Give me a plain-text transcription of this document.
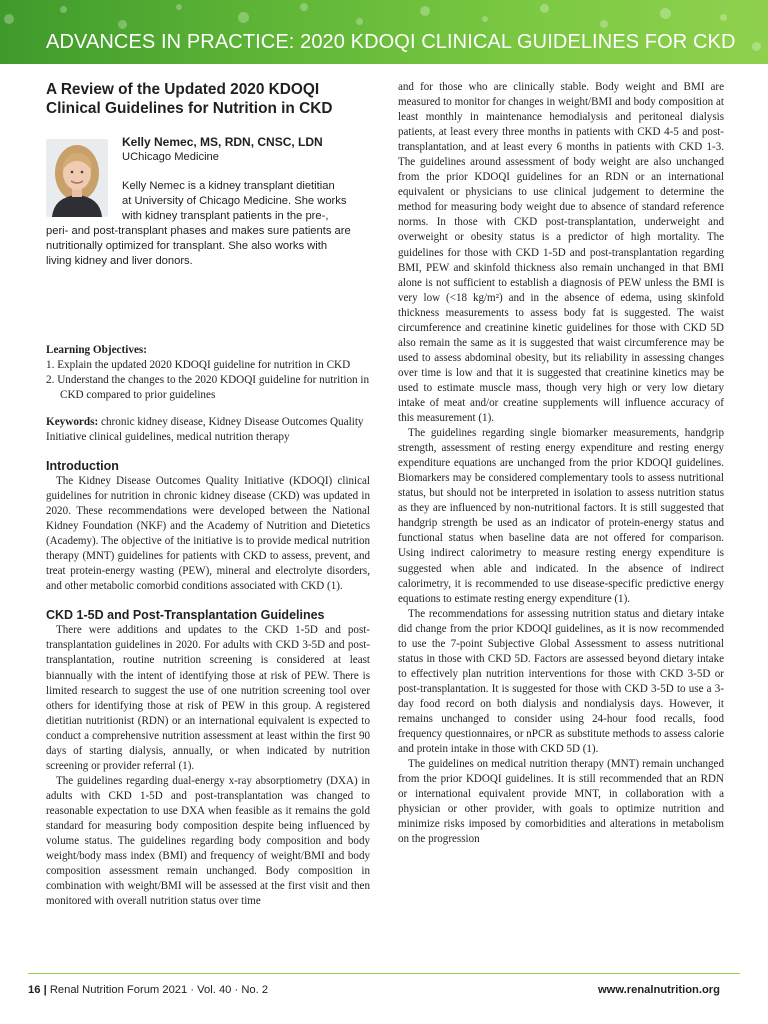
ADVANCES IN PRACTICE: 2020 KDOQI CLINICAL GUIDELINES FOR CKD
A Review of the Updated 2020 KDOQI
Clinical Guidelines for Nutrition in CKD
Kelly Nemec, MS, RDN, CNSC, LDN
UChicago Medicine
Kelly Nemec is a kidney transplant dietitian
at University of Chicago Medicine. She works
with kidney transplant patients in the pre-,
peri- and post-transplant phases and makes sure patients are
nutritionally optimized for transplant. She also works with
living kidney and liver donors.
Learning Objectives:
1. Explain the updated 2020 KDOQI guideline for nutrition in CKD
2. Understand the changes to the 2020 KDOQI guideline for nutrition in CKD compared to prior guidelines
Keywords: chronic kidney disease, Kidney Disease Outcomes Quality Initiative clinical guidelines, medical nutrition therapy
Introduction

The Kidney Disease Outcomes Quality Initiative (KDOQI) clinical guidelines for nutrition in chronic kidney disease (CKD) was updated in 2020. These recommendations were developed between the National Kidney Foundation (NKF) and the Academy of Nutrition and Dietetics (Academy). The objective of the initiative is to provide medical nutrition therapy (MNT) guidelines for patients with CKD to assess, prevent, and treat protein-energy wasting (PEW), mineral and electrolyte disorders, and other metabolic comorbid conditions associated with CKD (1).

CKD 1-5D and Post-Transplantation Guidelines

There were additions and updates to the CKD 1-5D and post-transplantation guidelines in 2020. For adults with CKD 3-5D and post-transplantation, routine nutrition screening is considered at least biannually with the intent of identifying those at risk of PEW. There is limited research to suggest the use of one nutrition screening tool over others for identifying those at risk of PEW in this group. A registered dietitian nutritionist (RDN) or an international equivalent is expected to conduct a comprehensive nutrition assessment at least within the first 90 days of starting dialysis, annually, or when indicated by nutrition screening or provider referral (1).

The guidelines regarding dual-energy x-ray absorptiometry (DXA) in adults with CKD 1-5D and post-transplantation was changed to reasonable expectation to use DXA when feasible as it remains the gold standard for measuring body composition despite being influenced by volume status. The guidelines regarding body composition and body weight/body mass index (BMI) and frequency of weight/BMI and body composition assessment remain unchanged. Body composition in combination with weight/BMI will be assessed at the first visit and then monitored with overall nutrition status over time

and for those who are clinically stable. Body weight and BMI are measured to monitor for changes in weight/BMI and body composition at least monthly in maintenance hemodialysis and peritoneal dialysis patients, at least every three months in patients with CKD 4-5 and post-transplantation, and at least every 6 months in patients with CKD 1-3. The guidelines around assessment of body weight are also unchanged from the prior KDOQI guidelines for an RDN or an international equivalent or physicians to use clinical judgement to determine the method for measuring body weight due to absence of standard reference norms. In those with CKD post-transplantation, underweight and overweight or obesity status is a predictor of high mortality. The guidelines for those with CKD 1-5D and post-transplantation regarding BMI, PEW and skinfold thickness also remain unchanged in that BMI alone is not sufficient to establish a diagnosis of PEW unless the BMI is very low (<18 kg/m²) and in the absence of edema, using skinfold thickness measurements to assess body fat is suggested. The waist circumference and creatinine kinetic guidelines for those with CKD 5D also remain the same as it is suggested that waist circumference may be used to assess abdominal obesity, but its reliability in assessing changes over time is low and that it is suggested that creatinine kinetics may be used to estimate muscle mass, though very high or very low dietary intake of meat and/or creatine supplements will influence accuracy of this measurement (1).

The guidelines regarding single biomarker measurements, handgrip strength, assessment of resting energy expenditure and resting energy expenditure equations are unchanged from the prior KDOQI guidelines. Biomarkers may be considered complementary tools to assess nutritional status, but should not be interpreted in isolation to assess nutrition status as they are influenced by non-nutritional factors. It is still suggested that handgrip strength be used as an indicator of protein-energy status and functional status when baseline data are not offered for comparison. Using indirect calorimetry to measure resting energy expenditure is suggested when able and indicated. In the absence of indirect calorimetry, it is recommended to use disease-specific predictive energy equations to estimate resting energy expenditure (1).

The recommendations for assessing nutrition status and dietary intake did change from the prior KDOQI guidelines, as it is now recommended to use the 7-point Subjective Global Assessment to assess nutritional status in those with CKD 5D. Factors are assessed beyond dietary intake to effectively plan nutrition interventions for those with CKD 3-5D or post-transplantation. It is suggested for those with CKD 3-5D to use a 3-day food record on both dialysis and nondialysis days. However, it remains unchanged to consider using 24-hour food recalls, food frequency questionnaires, or nPCR as substitute methods to assess calorie and protein intake in those with CKD 5D (1).

The guidelines on medical nutrition therapy (MNT) remain unchanged from the prior KDOQI guidelines. It is still recommended that an RDN or international equivalent provide MNT, in collaboration with a physician or other provider, with goals to optimize nutrition and minimize risks imposed by comorbidities and alterations in metabolism on the progression

16 | Renal Nutrition Forum 2021 · Vol. 40 · No. 2	www.renalnutrition.org
